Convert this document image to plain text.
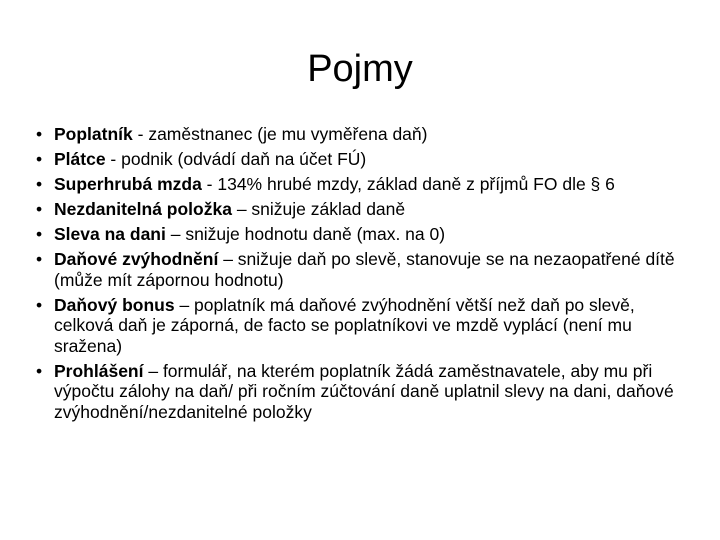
Pojmy
• Poplatník - zaměstnanec (je mu vyměřena daň)
• Plátce - podnik (odvádí daň na účet FÚ)
• Superhrubá mzda - 134% hrubé mzdy, základ daně z příjmů FO dle § 6
• Nezdanitelná položka – snižuje základ daně
• Sleva na dani – snižuje hodnotu daně (max. na 0)
• Daňové zvýhodnění – snižuje daň po slevě, stanovuje se na nezaopatřené dítě (může mít zápornou hodnotu)
• Daňový bonus – poplatník má daňové zvýhodnění větší než daň po slevě, celková daň je záporná, de facto se poplatníkovi ve mzdě vyplácí (není mu sražena)
• Prohlášení – formulář, na kterém poplatník žádá zaměstnavatele, aby mu při výpočtu zálohy na daň/ při ročním zúčtování daně uplatnil slevy na dani, daňové zvýhodnění/nezdanitelné položky
